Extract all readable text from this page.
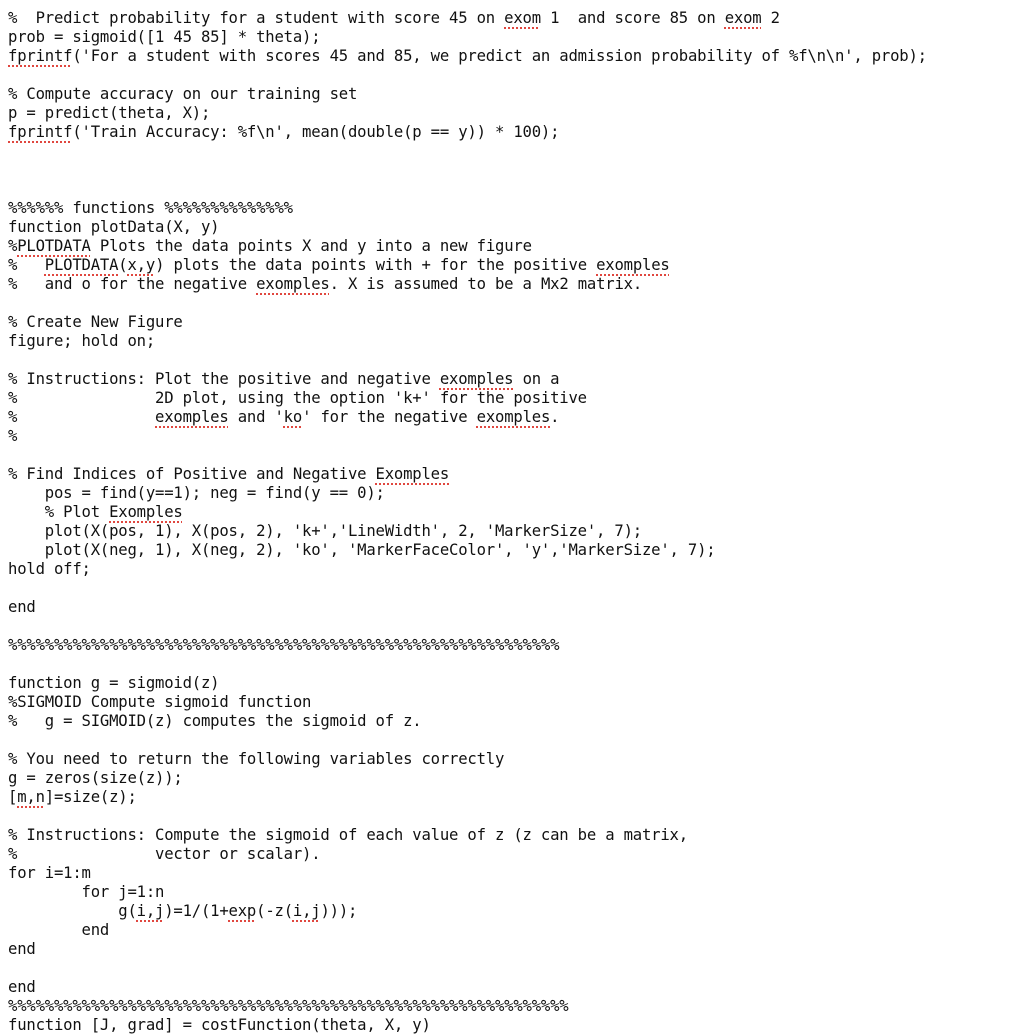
%  Predict probability for a student with score 45 on exom 1  and score 85 on exom 2
prob = sigmoid([1 45 85] * theta);
fprintf('For a student with scores 45 and 85, we predict an admission probability of %f\n\n', prob);
% Compute accuracy on our training set
p = predict(theta, X);
fprintf('Train Accuracy: %f\n', mean(double(p == y)) * 100);
%%%%%% functions %%%%%%%%%%%%%%
function plotData(X, y)
%PLOTDATA Plots the data points X and y into a new figure
%   PLOTDATA(x,y) plots the data points with + for the positive exomples
%   and o for the negative exomples. X is assumed to be a Mx2 matrix.
% Create New Figure
figure; hold on;
% Instructions: Plot the positive and negative exomples on a
%               2D plot, using the option 'k+' for the positive
%               exomples and 'ko' for the negative exomples.
%
% Find Indices of Positive and Negative Exomples
pos = find(y==1); neg = find(y == 0);
% Plot Exomples
plot(X(pos, 1), X(pos, 2), 'k+','LineWidth', 2, 'MarkerSize', 7);
plot(X(neg, 1), X(neg, 2), 'ko', 'MarkerFaceColor', 'y','MarkerSize', 7);
hold off;
end
%%%%%%%%%%%%%%%%%%%%%%%%%%%%%%%%%%%%%%%%%%%%%%%%%%%%%%%%%%%%
function g = sigmoid(z)
%SIGMOID Compute sigmoid function
%   g = SIGMOID(z) computes the sigmoid of z.
% You need to return the following variables correctly
g = zeros(size(z));
[m,n]=size(z);
% Instructions: Compute the sigmoid of each value of z (z can be a matrix,
%               vector or scalar).
for i=1:m
for j=1:n
g(i,j)=1/(1+exp(-z(i,j)));
end
end
end
%%%%%%%%%%%%%%%%%%%%%%%%%%%%%%%%%%%%%%%%%%%%%%%%%%%%%%%%%%%%%
function [J, grad] = costFunction(theta, X, y)
